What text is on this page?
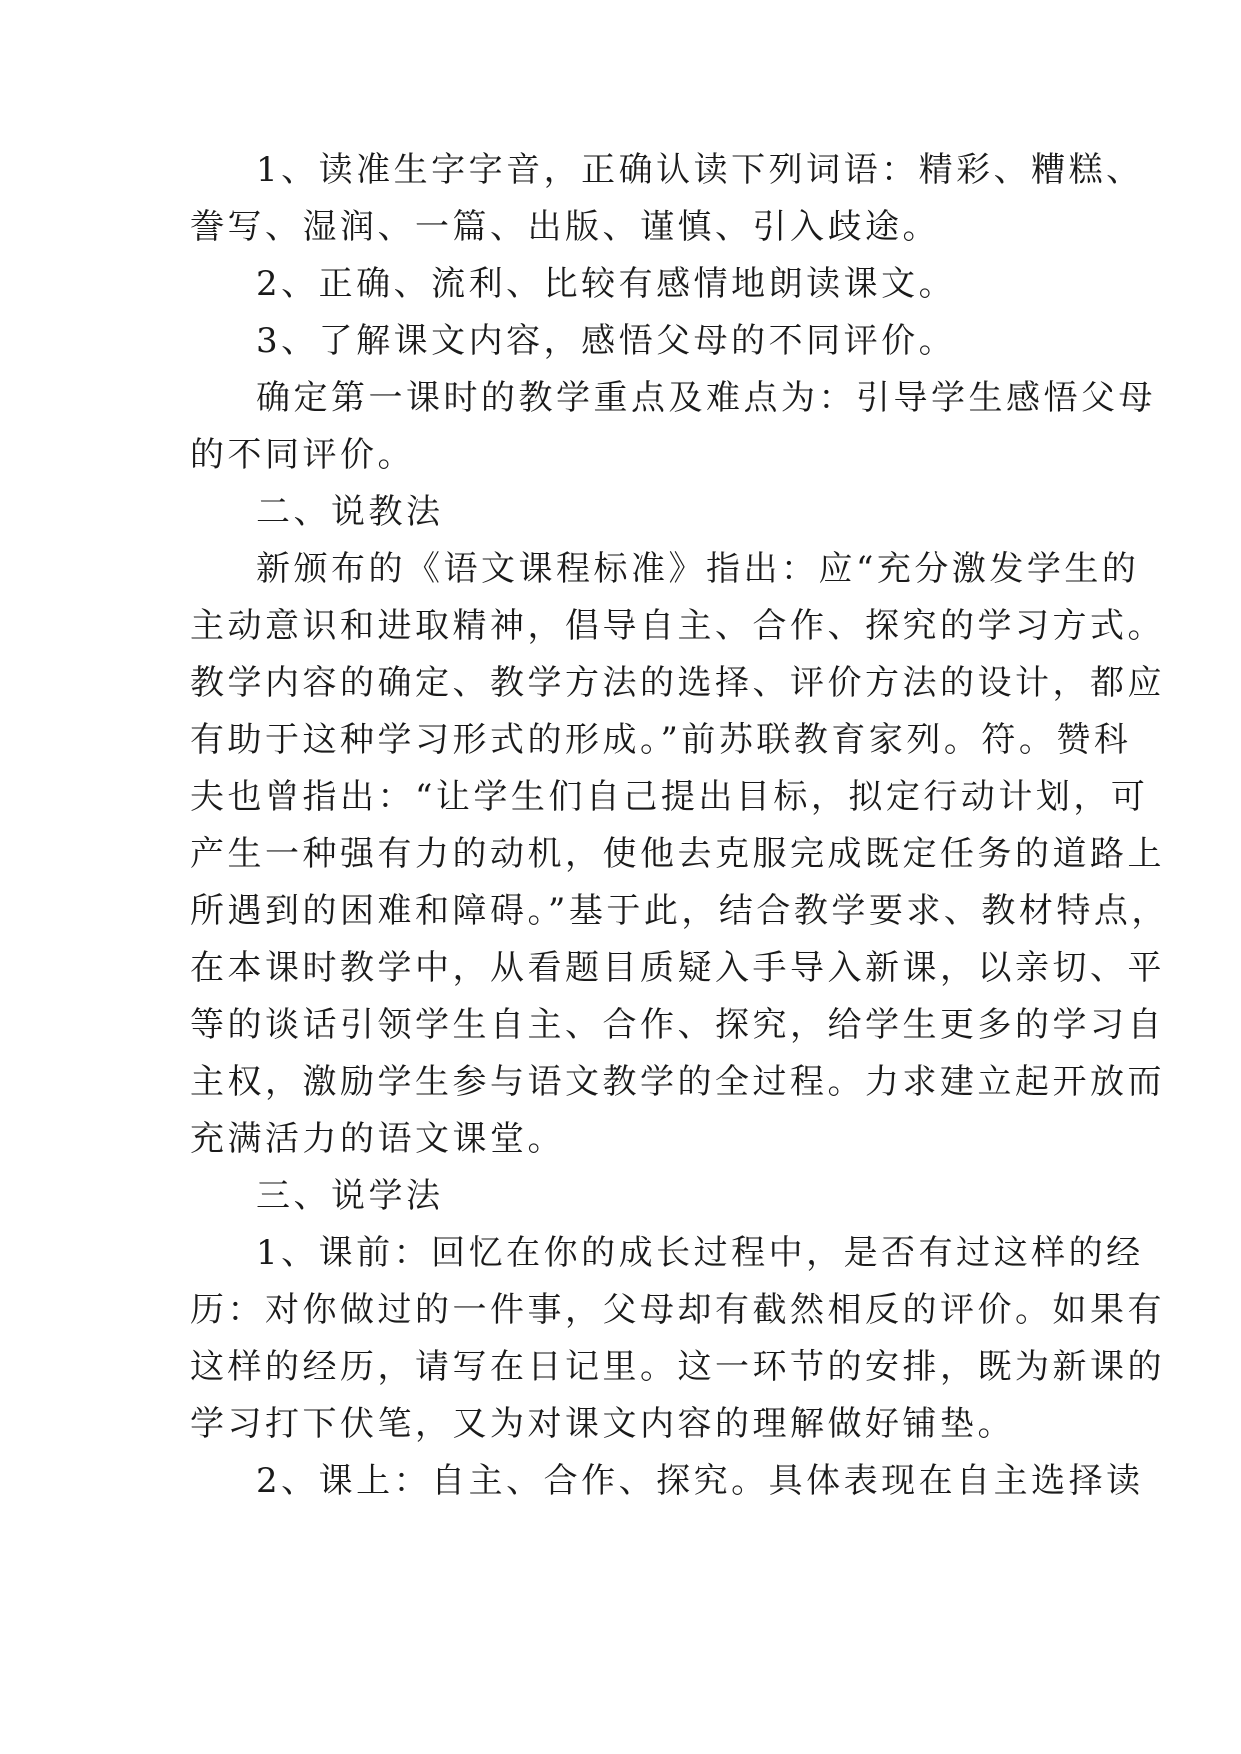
1、读准生字字音，正确认读下列词语：精彩、糟糕、
誊写、湿润、一篇、出版、谨慎、引入歧途。
2、正确、流利、比较有感情地朗读课文。
3、了解课文内容，感悟父母的不同评价。
确定第一课时的教学重点及难点为：引导学生感悟父母
的不同评价。
二、说教法
新颁布的《语文课程标准》指出：应“充分激发学生的
主动意识和进取精神，倡导自主、合作、探究的学习方式。
教学内容的确定、教学方法的选择、评价方法的设计，都应
有助于这种学习形式的形成。”前苏联教育家列。符。赞科
夫也曾指出：“让学生们自己提出目标，拟定行动计划，可
产生一种强有力的动机，使他去克服完成既定任务的道路上
所遇到的困难和障碍。”基于此，结合教学要求、教材特点，
在本课时教学中，从看题目质疑入手导入新课，以亲切、平
等的谈话引领学生自主、合作、探究，给学生更多的学习自
主权，激励学生参与语文教学的全过程。力求建立起开放而
充满活力的语文课堂。
三、说学法
1、课前：回忆在你的成长过程中，是否有过这样的经
历：对你做过的一件事，父母却有截然相反的评价。如果有
这样的经历，请写在日记里。这一环节的安排，既为新课的
学习打下伏笔，又为对课文内容的理解做好铺垫。
2、课上：自主、合作、探究。具体表现在自主选择读
